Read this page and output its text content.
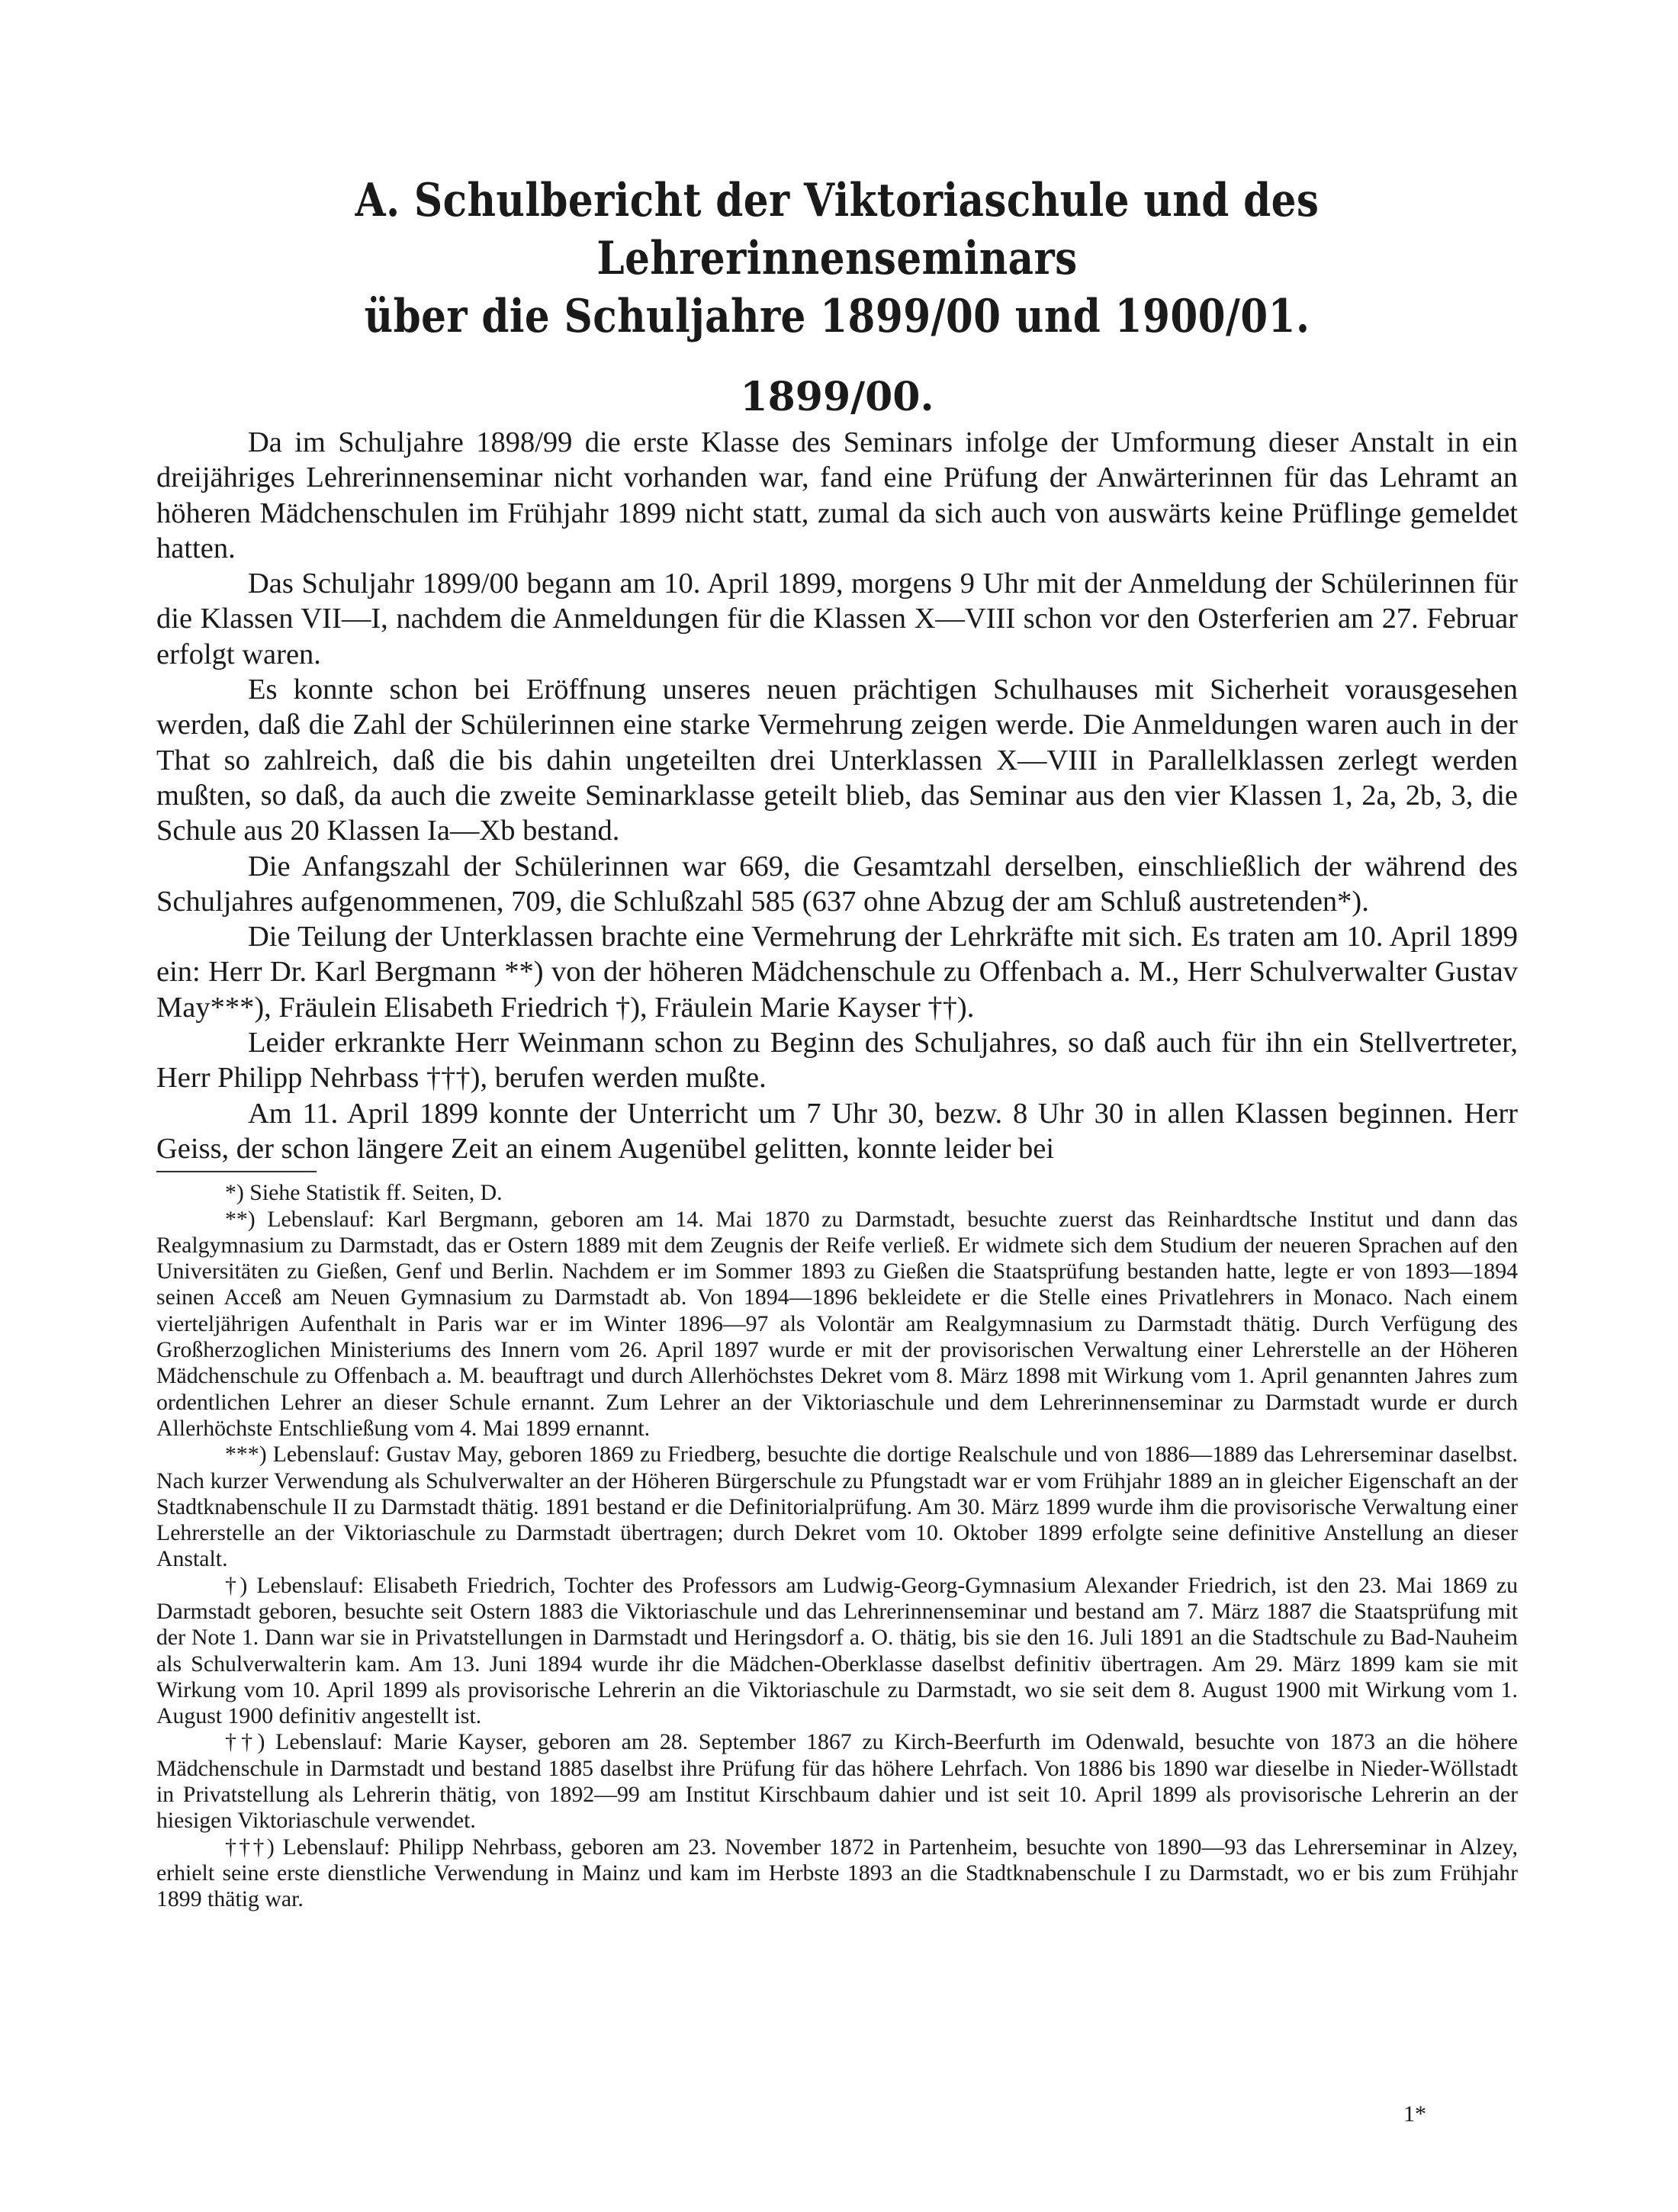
A. Schulbericht der Viktoriaschule und des Lehrerinnenseminars
über die Schuljahre 1899/00 und 1900/01.
1899/00.

Da im Schuljahre 1898/99 die erste Klasse des Seminars infolge der Umformung dieser Anstalt in ein dreijähriges Lehrerinnenseminar nicht vorhanden war, fand eine Prüfung der Anwärterinnen für das Lehramt an höheren Mädchenschulen im Frühjahr 1899 nicht statt, zumal da sich auch von auswärts keine Prüflinge gemeldet hatten.

Das Schuljahr 1899/00 begann am 10. April 1899, morgens 9 Uhr mit der Anmeldung der Schülerinnen für die Klassen VII—I, nachdem die Anmeldungen für die Klassen X—VIII schon vor den Osterferien am 27. Februar erfolgt waren.

Es konnte schon bei Eröffnung unseres neuen prächtigen Schulhauses mit Sicherheit vorausgesehen werden, daß die Zahl der Schülerinnen eine starke Vermehrung zeigen werde. Die Anmeldungen waren auch in der That so zahlreich, daß die bis dahin ungeteilten drei Unterklassen X—VIII in Parallelklassen zerlegt werden mußten, so daß, da auch die zweite Seminarklasse geteilt blieb, das Seminar aus den vier Klassen 1, 2a, 2b, 3, die Schule aus 20 Klassen Ia—Xb bestand.

Die Anfangszahl der Schülerinnen war 669, die Gesamtzahl derselben, einschließlich der während des Schuljahres aufgenommenen, 709, die Schlußzahl 585 (637 ohne Abzug der am Schluß austretenden*).

Die Teilung der Unterklassen brachte eine Vermehrung der Lehrkräfte mit sich. Es traten am 10. April 1899 ein: Herr Dr. Karl Bergmann **) von der höheren Mädchenschule zu Offenbach a. M., Herr Schulverwalter Gustav May***), Fräulein Elisabeth Friedrich †), Fräulein Marie Kayser ††).

Leider erkrankte Herr Weinmann schon zu Beginn des Schuljahres, so daß auch für ihn ein Stellvertreter, Herr Philipp Nehrbass †††), berufen werden mußte.

Am 11. April 1899 konnte der Unterricht um 7 Uhr 30, bezw. 8 Uhr 30 in allen Klassen beginnen. Herr Geiss, der schon längere Zeit an einem Augenübel gelitten, konnte leider bei

*) Siehe Statistik ff. Seiten, D.

**) Lebenslauf: Karl Bergmann, geboren am 14. Mai 1870 zu Darmstadt, besuchte zuerst das Reinhardtsche Institut und dann das Realgymnasium zu Darmstadt, das er Ostern 1889 mit dem Zeugnis der Reife verließ. Er widmete sich dem Studium der neueren Sprachen auf den Universitäten zu Gießen, Genf und Berlin. Nachdem er im Sommer 1893 zu Gießen die Staatsprüfung bestanden hatte, legte er von 1893—1894 seinen Acceß am Neuen Gymnasium zu Darmstadt ab. Von 1894—1896 bekleidete er die Stelle eines Privatlehrers in Monaco. Nach einem vierteljährigen Aufenthalt in Paris war er im Winter 1896—97 als Volontär am Realgymnasium zu Darmstadt thätig. Durch Verfügung des Großherzoglichen Ministeriums des Innern vom 26. April 1897 wurde er mit der provisorischen Verwaltung einer Lehrerstelle an der Höheren Mädchenschule zu Offenbach a. M. beauftragt und durch Allerhöchstes Dekret vom 8. März 1898 mit Wirkung vom 1. April genannten Jahres zum ordentlichen Lehrer an dieser Schule ernannt. Zum Lehrer an der Viktoriaschule und dem Lehrerinnenseminar zu Darmstadt wurde er durch Allerhöchste Entschließung vom 4. Mai 1899 ernannt.

***) Lebenslauf: Gustav May, geboren 1869 zu Friedberg, besuchte die dortige Realschule und von 1886—1889 das Lehrerseminar daselbst. Nach kurzer Verwendung als Schulverwalter an der Höheren Bürgerschule zu Pfungstadt war er vom Frühjahr 1889 an in gleicher Eigenschaft an der Stadtknabenschule II zu Darmstadt thätig. 1891 bestand er die Definitorialprüfung. Am 30. März 1899 wurde ihm die provisorische Verwaltung einer Lehrerstelle an der Viktoriaschule zu Darmstadt übertragen; durch Dekret vom 10. Oktober 1899 erfolgte seine definitive Anstellung an dieser Anstalt.

†) Lebenslauf: Elisabeth Friedrich, Tochter des Professors am Ludwig-Georg-Gymnasium Alexander Friedrich, ist den 23. Mai 1869 zu Darmstadt geboren, besuchte seit Ostern 1883 die Viktoriaschule und das Lehrerinnenseminar und bestand am 7. März 1887 die Staatsprüfung mit der Note 1. Dann war sie in Privatstellungen in Darmstadt und Heringsdorf a. O. thätig, bis sie den 16. Juli 1891 an die Stadtschule zu Bad-Nauheim als Schulverwalterin kam. Am 13. Juni 1894 wurde ihr die Mädchen-Oberklasse daselbst definitiv übertragen. Am 29. März 1899 kam sie mit Wirkung vom 10. April 1899 als provisorische Lehrerin an die Viktoriaschule zu Darmstadt, wo sie seit dem 8. August 1900 mit Wirkung vom 1. August 1900 definitiv angestellt ist.

††) Lebenslauf: Marie Kayser, geboren am 28. September 1867 zu Kirch-Beerfurth im Odenwald, besuchte von 1873 an die höhere Mädchenschule in Darmstadt und bestand 1885 daselbst ihre Prüfung für das höhere Lehrfach. Von 1886 bis 1890 war dieselbe in Nieder-Wöllstadt in Privatstellung als Lehrerin thätig, von 1892—99 am Institut Kirschbaum dahier und ist seit 10. April 1899 als provisorische Lehrerin an der hiesigen Viktoriaschule verwendet.

†††) Lebenslauf: Philipp Nehrbass, geboren am 23. November 1872 in Partenheim, besuchte von 1890—93 das Lehrerseminar in Alzey, erhielt seine erste dienstliche Verwendung in Mainz und kam im Herbste 1893 an die Stadtknabenschule I zu Darmstadt, wo er bis zum Frühjahr 1899 thätig war.

1*
